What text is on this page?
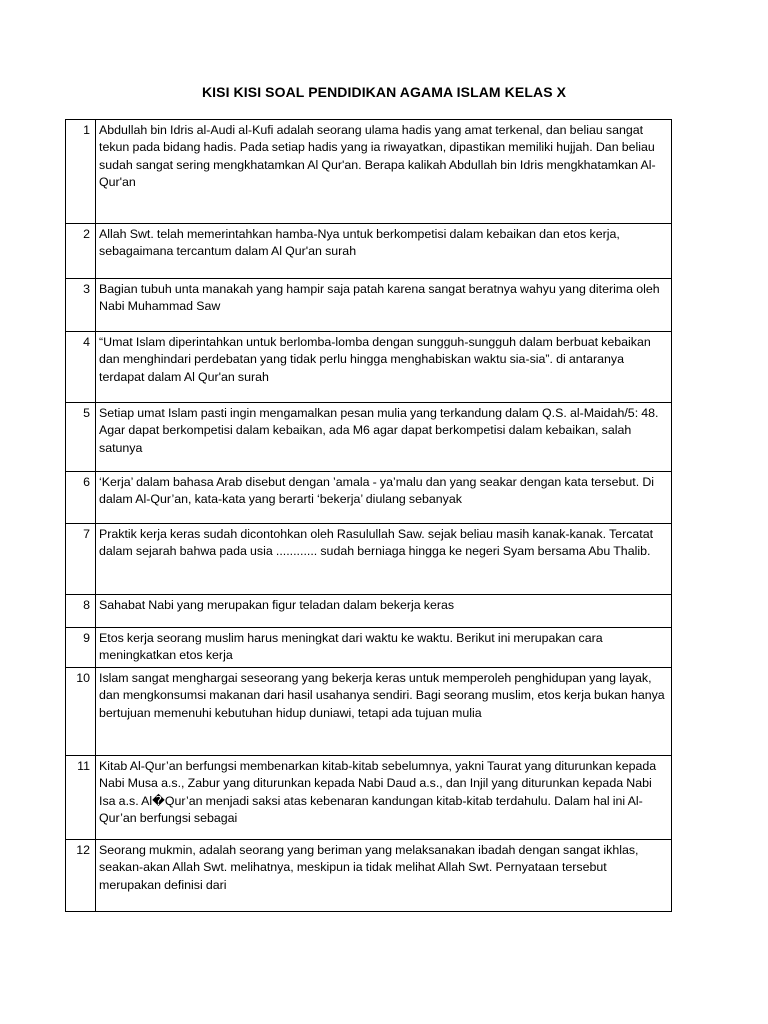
KISI KISI SOAL PENDIDIKAN AGAMA ISLAM KELAS X
1	Abdullah bin Idris al-Audi al-Kufi adalah seorang ulama hadis yang amat terkenal, dan beliau sangat tekun pada bidang hadis. Pada setiap hadis yang ia riwayatkan, dipastikan memiliki hujjah. Dan beliau sudah sangat sering mengkhatamkan Al Qur'an. Berapa kalikah Abdullah bin Idris mengkhatamkan Al-Qur'an
2	Allah Swt. telah memerintahkan hamba-Nya untuk berkompetisi dalam kebaikan dan etos kerja, sebagaimana tercantum dalam Al Qur'an surah
3	Bagian tubuh unta manakah yang hampir saja patah karena sangat beratnya wahyu yang diterima oleh Nabi Muhammad Saw
4	“Umat Islam diperintahkan untuk berlomba-lomba dengan sungguh-sungguh dalam berbuat kebaikan dan menghindari perdebatan yang tidak perlu hingga menghabiskan waktu sia-sia”. di antaranya terdapat dalam Al Qur'an surah
5	Setiap umat Islam pasti ingin mengamalkan pesan mulia yang terkandung dalam Q.S. al-Maidah/5: 48. Agar dapat berkompetisi dalam kebaikan, ada M6 agar dapat berkompetisi dalam kebaikan, salah satunya
6	‘Kerja’ dalam bahasa Arab disebut dengan ’amala - ya’malu dan yang seakar dengan kata tersebut. Di dalam Al-Qur’an, kata-kata yang berarti ‘bekerja’ diulang sebanyak
7	Praktik kerja keras sudah dicontohkan oleh Rasulullah Saw. sejak beliau masih kanak-kanak. Tercatat dalam sejarah bahwa pada usia ............ sudah berniaga hingga ke negeri Syam bersama Abu Thalib.
8	Sahabat Nabi yang merupakan figur teladan dalam bekerja keras
9	Etos kerja seorang muslim harus meningkat dari waktu ke waktu. Berikut ini merupakan cara meningkatkan etos kerja
10	Islam sangat menghargai seseorang yang bekerja keras untuk memperoleh penghidupan yang layak, dan mengkonsumsi makanan dari hasil usahanya sendiri. Bagi seorang muslim, etos kerja bukan hanya bertujuan memenuhi kebutuhan hidup duniawi, tetapi ada tujuan mulia
11	Kitab Al-Qur’an berfungsi membenarkan kitab-kitab sebelumnya, yakni Taurat yang diturunkan kepada Nabi Musa a.s., Zabur yang diturunkan kepada Nabi Daud a.s., dan Injil yang diturunkan kepada Nabi Isa a.s. Al�Qur’an menjadi saksi atas kebenaran kandungan kitab-kitab terdahulu. Dalam hal ini Al-Qur’an berfungsi sebagai
12	Seorang mukmin, adalah seorang yang beriman yang melaksanakan ibadah dengan sangat ikhlas, seakan-akan Allah Swt. melihatnya, meskipun ia tidak melihat Allah Swt. Pernyataan tersebut merupakan definisi dari
